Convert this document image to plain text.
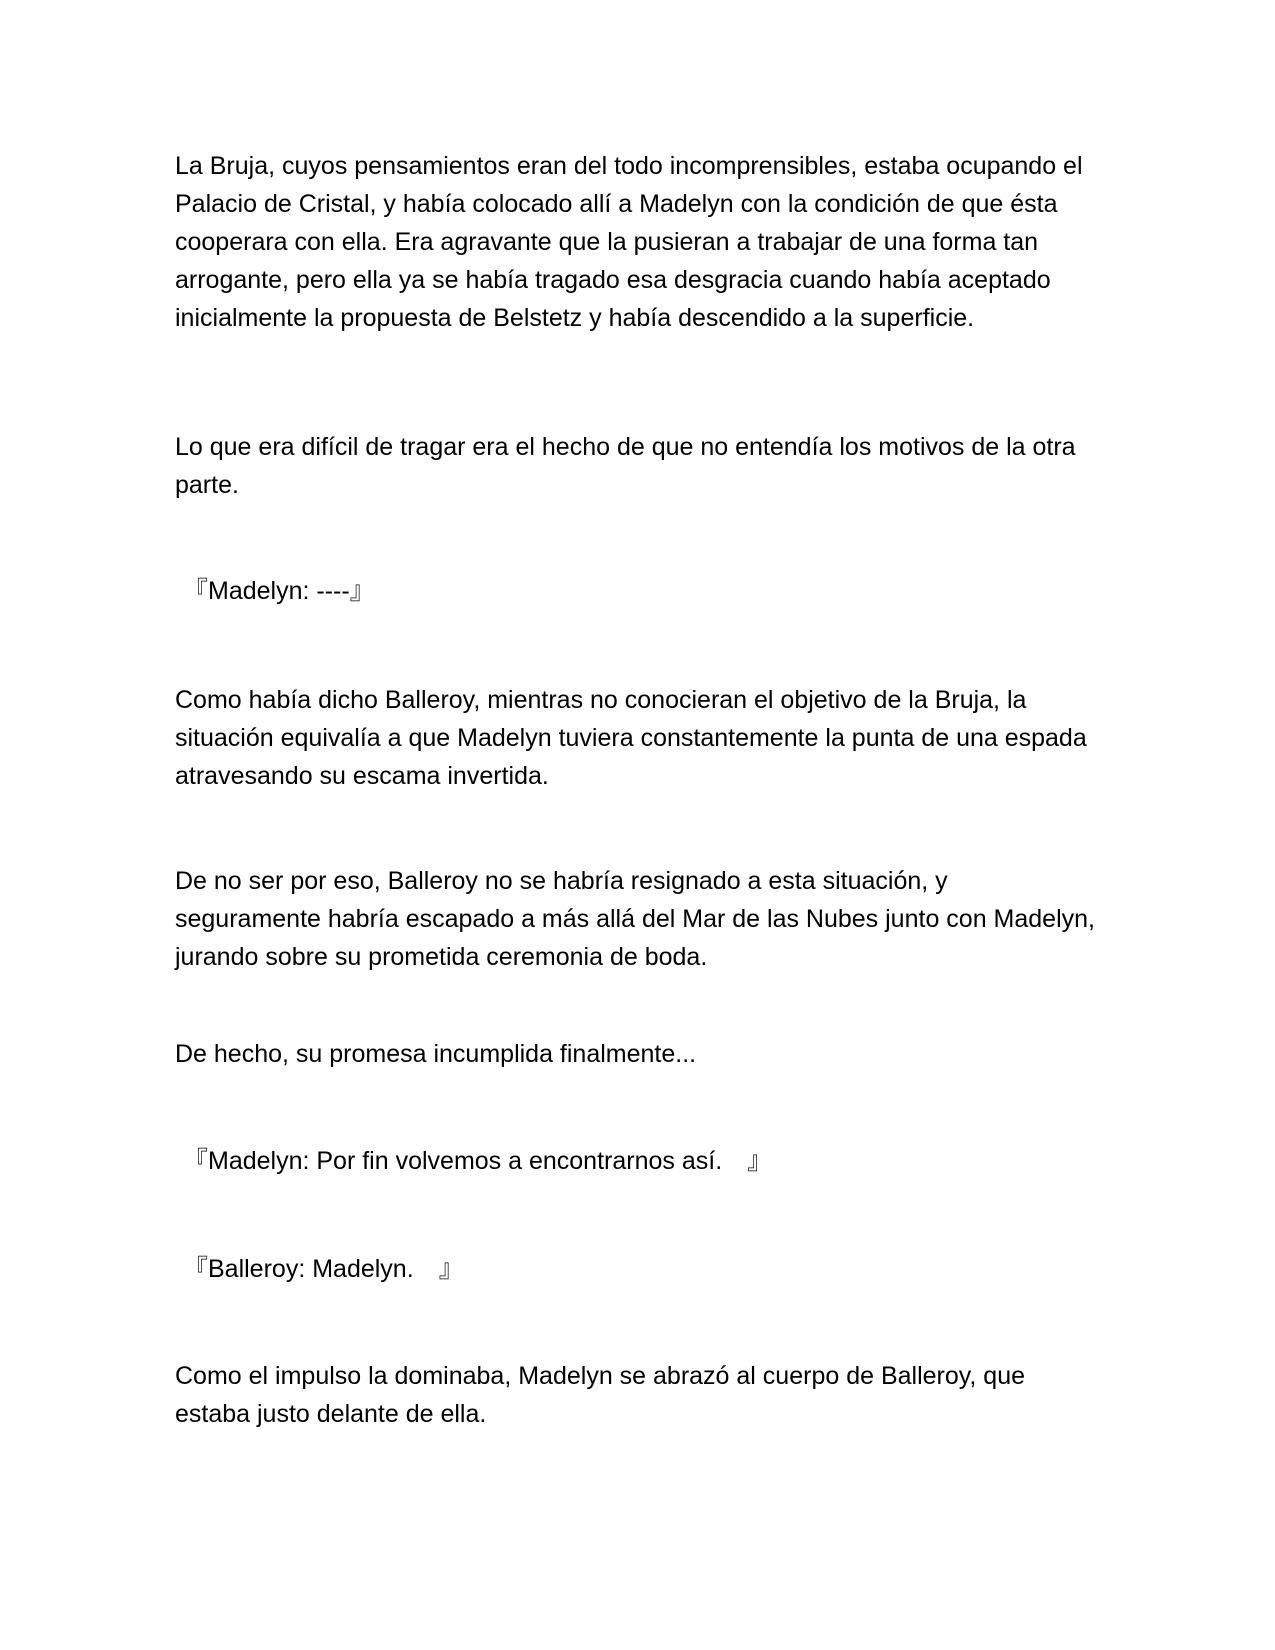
La Bruja, cuyos pensamientos eran del todo incomprensibles, estaba ocupando el Palacio de Cristal, y había colocado allí a Madelyn con la condición de que ésta cooperara con ella. Era agravante que la pusieran a trabajar de una forma tan arrogante, pero ella ya se había tragado esa desgracia cuando había aceptado inicialmente la propuesta de Belstetz y había descendido a la superficie.

Lo que era difícil de tragar era el hecho de que no entendía los motivos de la otra parte.

『Madelyn: ----』

Como había dicho Balleroy, mientras no conocieran el objetivo de la Bruja, la situación equivalía a que Madelyn tuviera constantemente la punta de una espada atravesando su escama invertida.

De no ser por eso, Balleroy no se habría resignado a esta situación, y seguramente habría escapado a más allá del Mar de las Nubes junto con Madelyn, jurando sobre su prometida ceremonia de boda.

De hecho, su promesa incumplida finalmente...

『Madelyn: Por fin volvemos a encontrarnos así.　』

『Balleroy: Madelyn.　』

Como el impulso la dominaba, Madelyn se abrazó al cuerpo de Balleroy, que estaba justo delante de ella.
